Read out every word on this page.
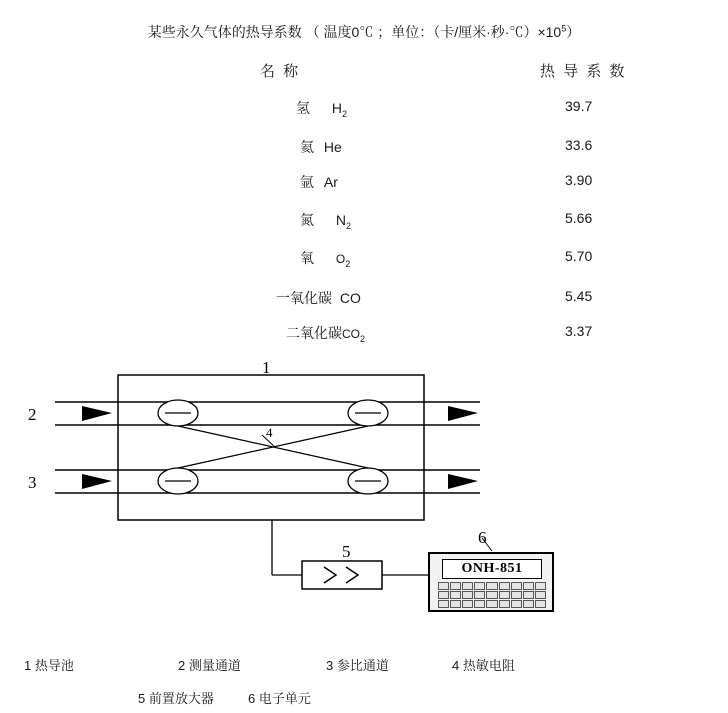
某些永久气体的热导系数 （ 温度0℃ ；单位：（卡/厘米·秒$\cdot℃)\times 10^5$）
名 称	热 导 系 数
氢 $H_2$	39.7
氦 He	33.6
氩 Ar	3.90
氮 $N_2$	5.66
氧 $O_2$	5.70
一氧化碳 CO	5.45
二氧化碳$CO_2$	3.37
1
2
3
5
6
ONH-851
1 热导池	2 测量通道	3 参比通道	4 热敏电阻
5 前置放大器	6 电子单元
4
